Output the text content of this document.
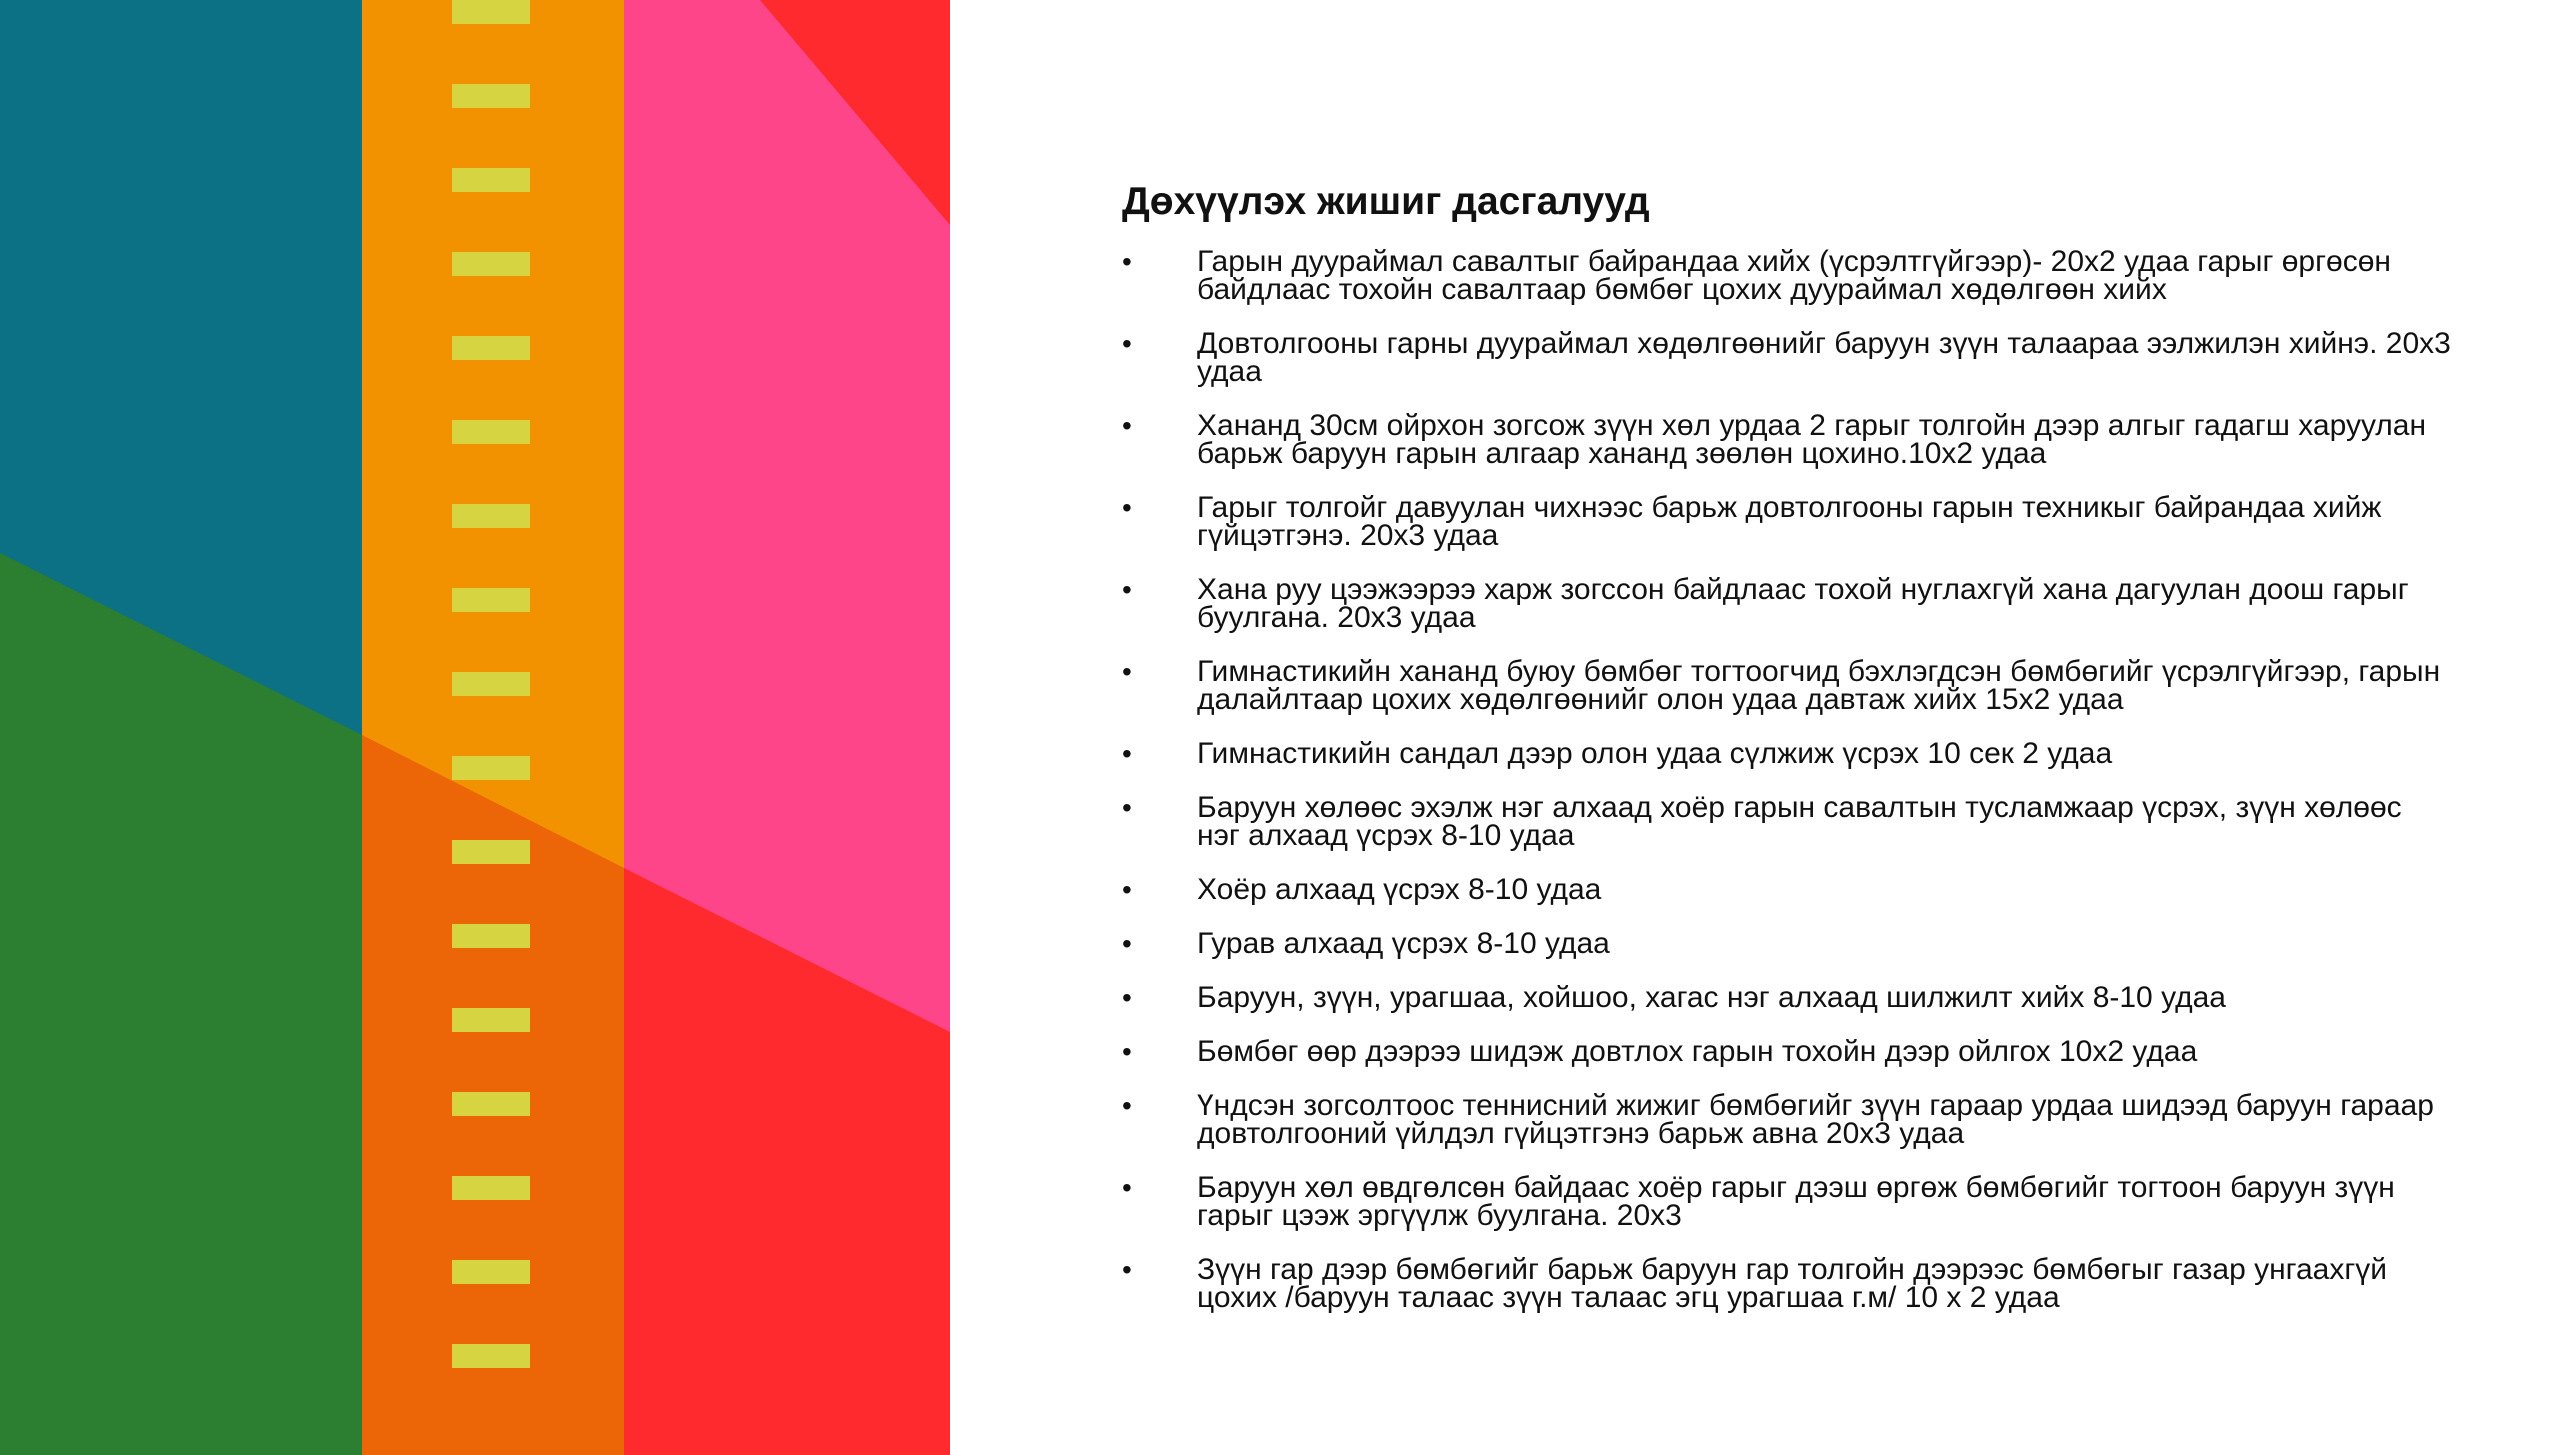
Дөхүүлэх жишиг дасгалууд
• Гарын дуураймал савалтыг байрандаа хийх (үсрэлтгүйгээр)- 20х2 удаа гарыг өргөсөн байдлаас тохойн савалтаар бөмбөг цохих дуураймал хөдөлгөөн хийх
• Довтолгооны гарны дуураймал хөдөлгөөнийг баруун зүүн талаараа ээлжилэн хийнэ. 20х3 удаа
• Хананд 30см ойрхон зогсож зүүн хөл урдаа 2 гарыг толгойн дээр алгыг гадагш харуулан барьж баруун гарын алгаар хананд зөөлөн цохино.10х2 удаа
• Гарыг толгойг давуулан чихнээс барьж довтолгооны гарын техникыг байрандаа хийж гүйцэтгэнэ. 20х3 удаа
• Хана руу цээжээрээ харж зогссон байдлаас тохой нуглахгүй хана дагуулан доош гарыг буулгана. 20х3 удаа
• Гимнастикийн хананд буюу бөмбөг тогтоогчид бэхлэгдсэн бөмбөгийг үсрэлгүйгээр, гарын далайлтаар цохих хөдөлгөөнийг олон удаа давтаж хийх 15х2 удаа
• Гимнастикийн сандал дээр олон удаа сүлжиж үсрэх 10 сек 2 удаа
• Баруун хөлөөс эхэлж нэг алхаад хоёр гарын савалтын тусламжаар үсрэх, зүүн хөлөөс нэг алхаад үсрэх 8-10 удаа
• Хоёр алхаад үсрэх 8-10 удаа
• Гурав алхаад үсрэх 8-10 удаа
• Баруун, зүүн, урагшаа, хойшоо, хагас нэг алхаад шилжилт хийх 8-10 удаа
• Бөмбөг өөр дээрээ шидэж довтлох гарын тохойн дээр ойлгох 10х2 удаа
• Үндсэн зогсолтоос теннисний жижиг бөмбөгийг зүүн гараар урдаа шидээд баруун гараар довтолгооний үйлдэл гүйцэтгэнэ барьж авна 20х3 удаа
• Баруун хөл өвдгөлсөн байдаас хоёр гарыг дээш өргөж бөмбөгийг тогтоон баруун зүүн гарыг цээж эргүүлж буулгана. 20х3
• Зүүн гар дээр бөмбөгийг барьж баруун гар толгойн дээрээс бөмбөгыг газар унгаахгүй цохих /баруун талаас зүүн талаас эгц урагшаа г.м/ 10 х 2 удаа
